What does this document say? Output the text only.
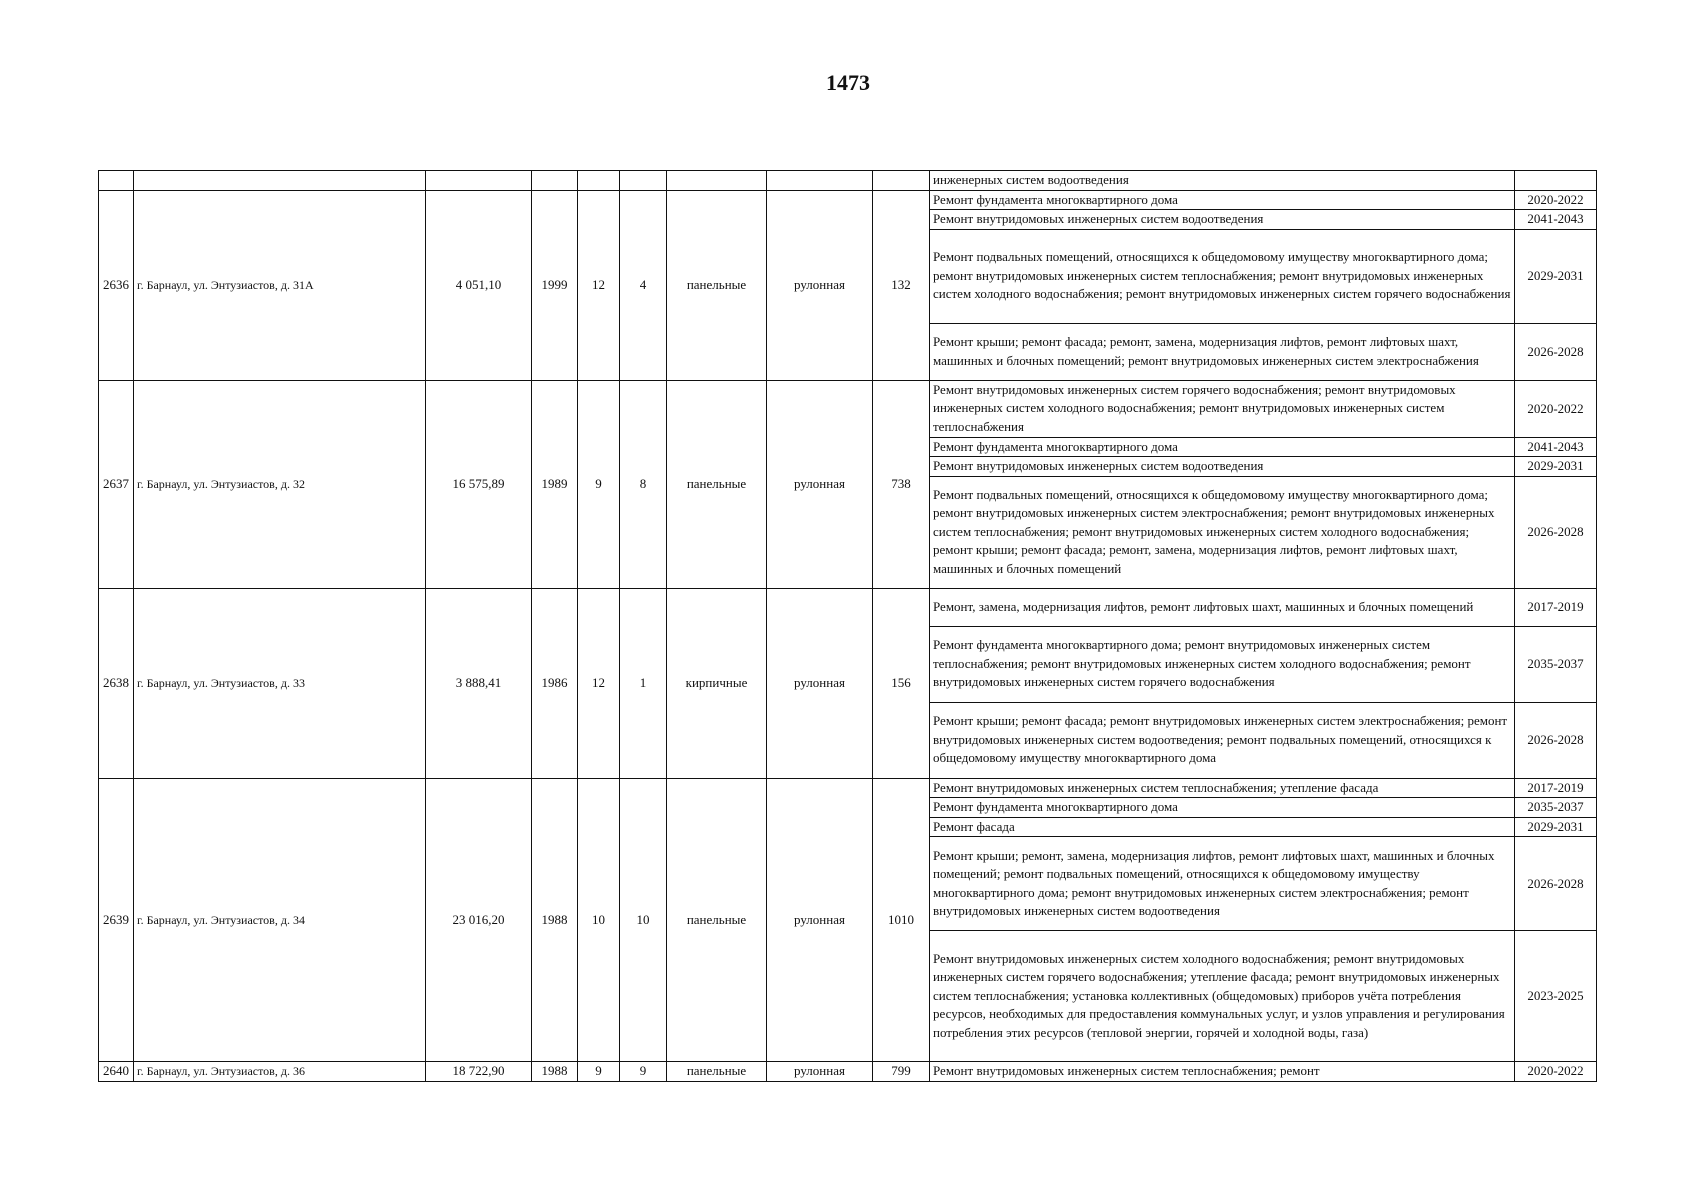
1473
									инженерных систем водоотведения	
2636	г. Барнаул, ул. Энтузиастов, д. 31А	4 051,10	1999	12	4	панельные	рулонная	132	Ремонт фундамента многоквартирного дома	2020-2022
									Ремонт внутридомовых инженерных систем водоотведения	2041-2043
									Ремонт подвальных помещений, относящихся к общедомовому имуществу многоквартирного дома; ремонт внутридомовых инженерных систем теплоснабжения; ремонт внутридомовых инженерных систем холодного водоснабжения; ремонт внутридомовых инженерных систем горячего водоснабжения	2029-2031
									Ремонт крыши; ремонт фасада; ремонт, замена, модернизация лифтов, ремонт лифтовых шахт, машинных и блочных помещений; ремонт внутридомовых инженерных систем электроснабжения	2026-2028
2637	г. Барнаул, ул. Энтузиастов, д. 32	16 575,89	1989	9	8	панельные	рулонная	738	Ремонт внутридомовых инженерных систем горячего водоснабжения; ремонт внутридомовых инженерных систем холодного водоснабжения; ремонт внутридомовых инженерных систем теплоснабжения	2020-2022
									Ремонт фундамента многоквартирного дома	2041-2043
									Ремонт внутридомовых инженерных систем водоотведения	2029-2031
									Ремонт подвальных помещений, относящихся к общедомовому имуществу многоквартирного дома; ремонт внутридомовых инженерных систем электроснабжения; ремонт внутридомовых инженерных систем теплоснабжения; ремонт внутридомовых инженерных систем холодного водоснабжения; ремонт крыши; ремонт фасада; ремонт, замена, модернизация лифтов, ремонт лифтовых шахт, машинных и блочных помещений	2026-2028
2638	г. Барнаул, ул. Энтузиастов, д. 33	3 888,41	1986	12	1	кирпичные	рулонная	156	Ремонт, замена, модернизация лифтов, ремонт лифтовых шахт, машинных и блочных помещений	2017-2019
									Ремонт фундамента многоквартирного дома; ремонт внутридомовых инженерных систем теплоснабжения; ремонт внутридомовых инженерных систем холодного водоснабжения; ремонт внутридомовых инженерных систем горячего водоснабжения	2035-2037
									Ремонт крыши; ремонт фасада; ремонт внутридомовых инженерных систем электроснабжения; ремонт внутридомовых инженерных систем водоотведения; ремонт подвальных помещений, относящихся к общедомовому имуществу многоквартирного дома	2026-2028
2639	г. Барнаул, ул. Энтузиастов, д. 34	23 016,20	1988	10	10	панельные	рулонная	1010	Ремонт внутридомовых инженерных систем теплоснабжения; утепление фасада	2017-2019
									Ремонт фундамента многоквартирного дома	2035-2037
									Ремонт фасада	2029-2031
									Ремонт крыши; ремонт, замена, модернизация лифтов, ремонт лифтовых шахт, машинных и блочных помещений; ремонт подвальных помещений, относящихся к общедомовому имуществу многоквартирного дома; ремонт внутридомовых инженерных систем электроснабжения; ремонт внутридомовых инженерных систем водоотведения	2026-2028
									Ремонт внутридомовых инженерных систем холодного водоснабжения; ремонт внутридомовых инженерных систем горячего водоснабжения; утепление фасада; ремонт внутридомовых инженерных систем теплоснабжения; установка коллективных (общедомовых) приборов учёта потребления ресурсов, необходимых для предоставления коммунальных услуг, и узлов управления и регулирования потребления этих ресурсов (тепловой энергии, горячей и холодной воды, газа)	2023-2025
2640	г. Барнаул, ул. Энтузиастов, д. 36	18 722,90	1988	9	9	панельные	рулонная	799	Ремонт внутридомовых инженерных систем теплоснабжения; ремонт	2020-2022
